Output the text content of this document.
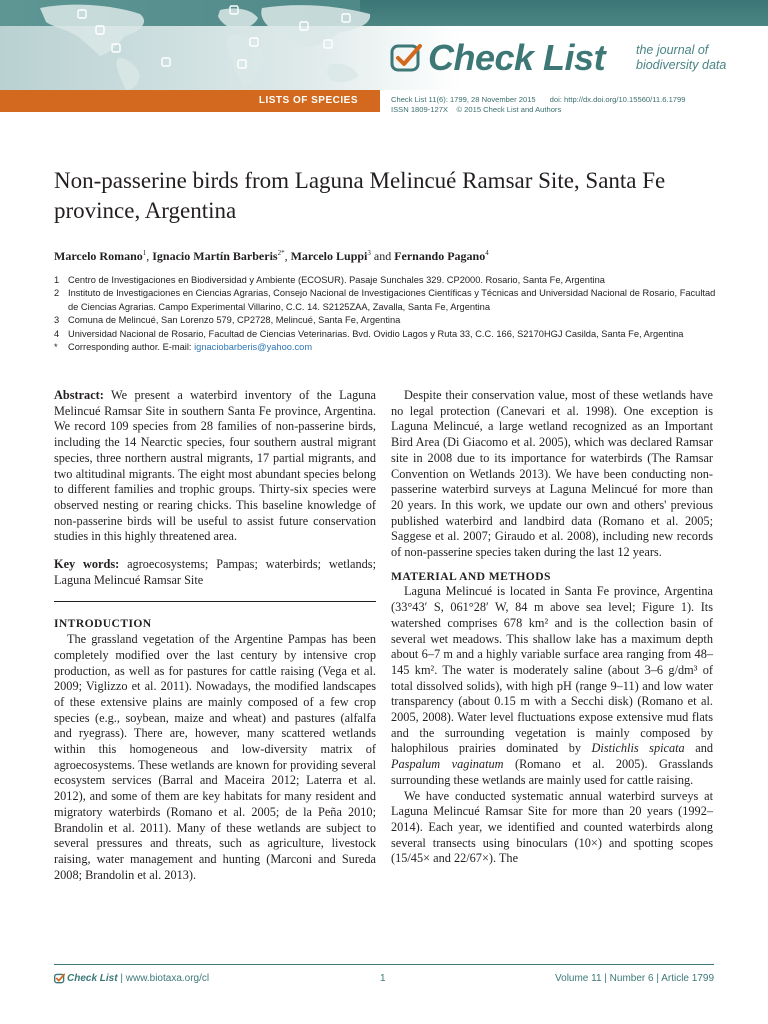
Check List the journal of biodiversity data
LISTS OF SPECIES	Check List 11(6): 1799, 28 November 2015 doi: http://dx.doi.org/10.15560/11.6.1799
ISSN 1809-127X © 2015 Check List and Authors
Non-passerine birds from Laguna Melincué Ramsar Site, Santa Fe province, Argentina
Marcelo Romano$^1$, Ignacio Martín Barberis$^{2*}$, Marcelo Luppi$^3$ and Fernando Pagano$^4$
1 Centro de Investigaciones en Biodiversidad y Ambiente (ECOSUR). Pasaje Sunchales 329. CP2000. Rosario, Santa Fe, Argentina
2 Instituto de Investigaciones en Ciencias Agrarias, Consejo Nacional de Investigaciones Científicas y Técnicas and Universidad Nacional de Rosario, Facultad de Ciencias Agrarias. Campo Experimental Villarino, C.C. 14. S2125ZAA, Zavalla, Santa Fe, Argentina
3 Comuna de Melincué, San Lorenzo 579, CP2728, Melincué, Santa Fe, Argentina
4 Universidad Nacional de Rosario, Facultad de Ciencias Veterinarias. Bvd. Ovidio Lagos y Ruta 33, C.C. 166, S2170HGJ Casilda, Santa Fe, Argentina
*	Corresponding author. E-mail: ignaciobarberis@yahoo.com

Abstract: We present a waterbird inventory of the Laguna Melincué Ramsar Site in southern Santa Fe province, Argentina. We record 109 species from 28 families of non-passerine birds, including the 14 Nearctic species, four southern austral migrant species, three northern austral migrants, 17 partial migrants, and two altitudinal migrants. The eight most abundant species belong to different families and trophic groups. Thirty-six species were observed nesting or rearing chicks. This baseline knowledge of non-passerine birds will be useful to assist future conservation studies in this highly threatened area.

Key words: agroecosystems; Pampas; waterbirds; wetlands; Laguna Melincué Ramsar Site

INTRODUCTION

The grassland vegetation of the Argentine Pampas has been completely modified over the last century by intensive crop production, as well as for pastures for cattle raising (Vega et al. 2009; Viglizzo et al. 2011). Nowadays, the modified landscapes of these extensive plains are mainly composed of a few crop species (e.g., soybean, maize and wheat) and pastures (alfalfa and ryegrass). There are, however, many scattered wetlands within this homogeneous and low-diversity matrix of agroecosystems. These wetlands are known for providing several ecosystem services (Barral and Maceira 2012; Laterra et al. 2012), and some of them are key habitats for many resident and migratory waterbirds (Romano et al. 2005; de la Peña 2010; Brandolin et al. 2011). Many of these wetlands are subject to several pressures and threats, such as agriculture, livestock raising, water management and hunting (Marconi and Sureda 2008; Brandolin et al. 2013).

Despite their conservation value, most of these wetlands have no legal protection (Canevari et al. 1998). One exception is Laguna Melincué, a large wetland recognized as an Important Bird Area (Di Giacomo et al. 2005), which was declared Ramsar site in 2008 due to its importance for waterbirds (The Ramsar Convention on Wetlands 2013). We have been conducting non-passerine waterbird surveys at Laguna Melincué for more than 20 years. In this work, we update our own and others' previous published waterbird and landbird data (Romano et al. 2005; Saggese et al. 2007; Giraudo et al. 2008), including new records of non-passerine species taken during the last 12 years.

MATERIAL AND METHODS

Laguna Melincué is located in Santa Fe province, Argentina (33°43′ S, 061°28′ W, 84 m above sea level; Figure 1). Its watershed comprises 678 km² and is the collection basin of several wet meadows. This shallow lake has a maximum depth about 6–7 m and a highly variable surface area ranging from 48–145 km². The water is moderately saline (about 3–6 g/dm³ of total dissolved solids), with high pH (range 9–11) and low water transparency (about 0.15 m with a Secchi disk) (Romano et al. 2005, 2008). Water level fluctuations expose extensive mud flats and the surrounding vegetation is mainly composed by halophilous prairies dominated by Distichlis spicata and Paspalum vaginatum (Romano et al. 2005). Grasslands surrounding these wetlands are mainly used for cattle raising.

We have conducted systematic annual waterbird surveys at Laguna Melincué Ramsar Site for more than 20 years (1992–2014). Each year, we identified and counted waterbirds along several transects using binoculars (10×) and spotting scopes (15/45× and 22/67×). The

Check List
|
www.biotaxa.org/cl	1	Volume 11 | Number 6 | Article 1799
